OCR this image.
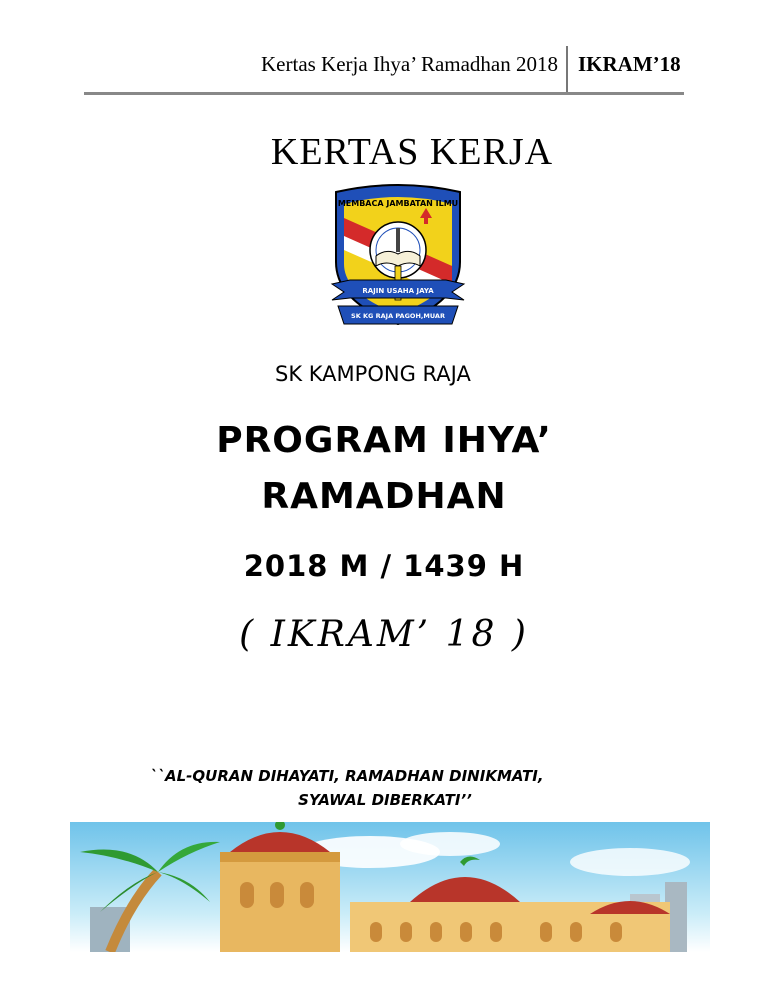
Kertas Kerja Ihya’ Ramadhan 2018 IKRAM’18
KERTAS KERJA
MEMBACA JAMBATAN ILMU
RAJIN USAHA JAYA
SK KG RAJA PAGOH,MUAR
SK KAMPONG RAJA
PROGRAM IHYA’
RAMADHAN
2018 M / 1439 H
( IKRAM’ 18 )
``AL-QURAN DIHAYATI, RAMADHAN DINIKMATI,
SYAWAL DIBERKATI’’
